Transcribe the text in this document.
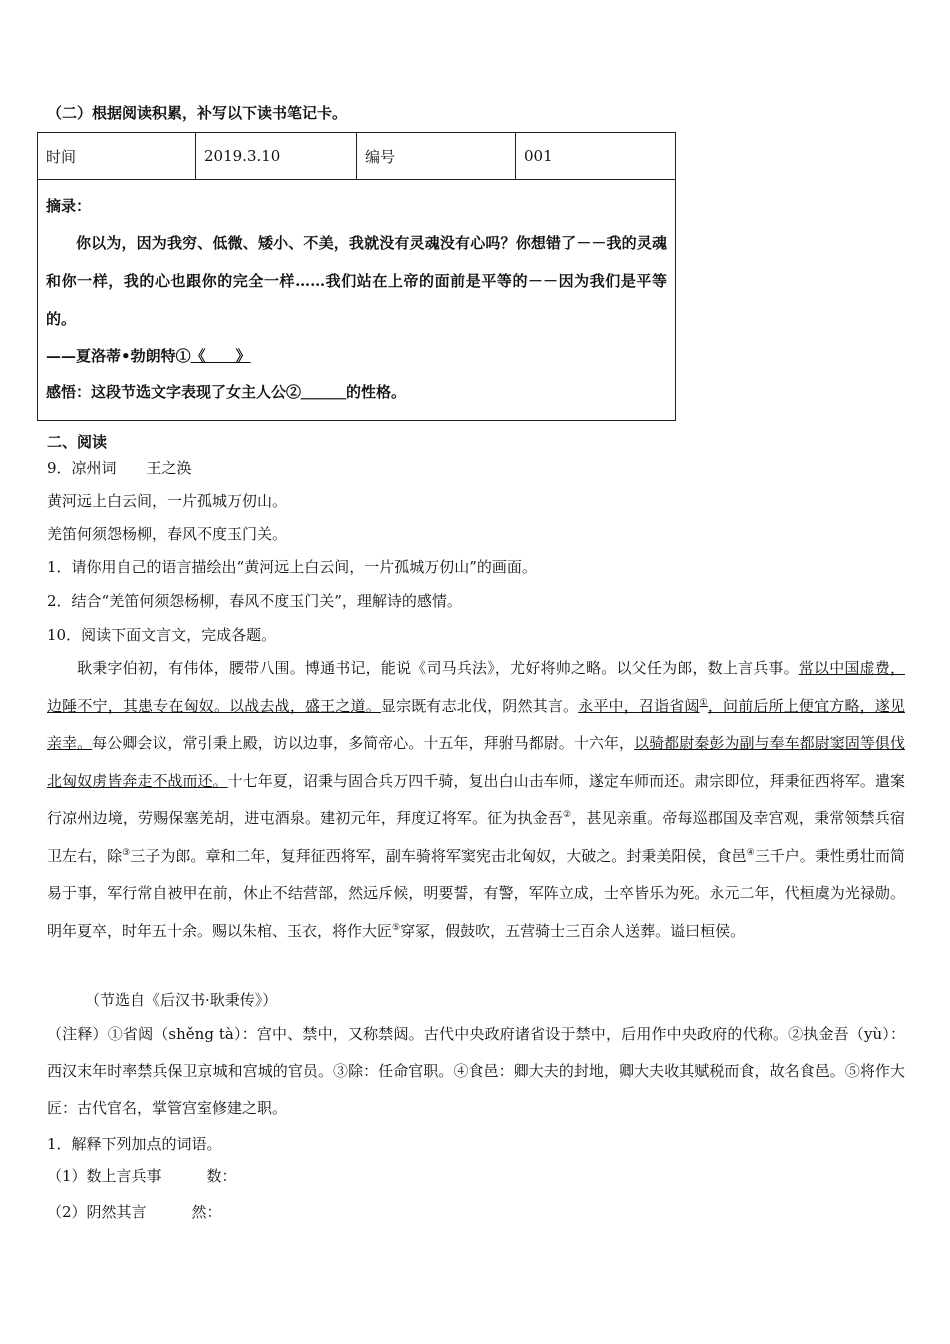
（二）根据阅读积累，补写以下读书笔记卡。
时间	2019.3.10	编号	001

摘录：

你以为，因为我穷、低微、矮小、不美，我就没有灵魂没有心吗？你想错了－－我的灵魂和你一样，我的心也跟你的完全一样……我们站在上帝的面前是平等的－－因为我们是平等的。

——夏洛蒂•勃朗特①《　　》

感悟：这段节选文字表现了女主人公②＿＿＿的性格。

二、阅读
9．凉州词　　王之涣
黄河远上白云间，一片孤城万仞山。
羌笛何须怨杨柳，春风不度玉门关。
1．请你用自己的语言描绘出“黄河远上白云间，一片孤城万仞山”的画面。
2．结合“羌笛何须怨杨柳，春风不度玉门关”，理解诗的感情。
10．阅读下面文言文，完成各题。
耿秉字伯初，有伟体，腰带八围。博通书记，能说《司马兵法》，尤好将帅之略。以父任为郎，数上言兵事。常以中国虚费，边陲不宁，其患专在匈奴。以战去战，盛王之道。显宗既有志北伐，阴然其言。永平中，召诣省闼①，问前后所上便宜方略，遂见亲幸。每公卿会议，常引秉上殿，访以边事，多简帝心。十五年，拜驸马都尉。十六年，以骑都尉秦彭为副与奉车都尉窦固等俱伐北匈奴虏皆奔走不战而还。十七年夏，诏秉与固合兵万四千骑，复出白山击车师，遂定车师而还。肃宗即位，拜秉征西将军。遣案行凉州边境，劳赐保塞羌胡，进屯酒泉。建初元年，拜度辽将军。征为执金吾②，甚见亲重。帝每巡郡国及幸宫观，秉常领禁兵宿卫左右，除③三子为郎。章和二年，复拜征西将军，副车骑将军窦宪击北匈奴，大破之。封秉美阳侯，食邑④三千户。秉性勇壮而简易于事，军行常自被甲在前，休止不结营部，然远斥候，明要誓，有警，军阵立成，士卒皆乐为死。永元二年，代桓虞为光禄勋。明年夏卒，时年五十余。赐以朱棺、玉衣，将作大匠⑤穿冢，假鼓吹，五营骑士三百余人送葬。谥曰桓侯。
（节选自《后汉书·耿秉传》）
（注释）①省闼（shěng tà）：宫中、禁中，又称禁闼。古代中央政府诸省设于禁中，后用作中央政府的代称。②执金吾（yù）：西汉末年时率禁兵保卫京城和宫城的官员。③除：任命官职。④食邑：卿大夫的封地，卿大夫收其赋税而食，故名食邑。⑤将作大匠：古代官名，掌管宫室修建之职。
1．解释下列加点的词语。
（1）数上言兵事　　　数：
（2）阴然其言　　　然：
